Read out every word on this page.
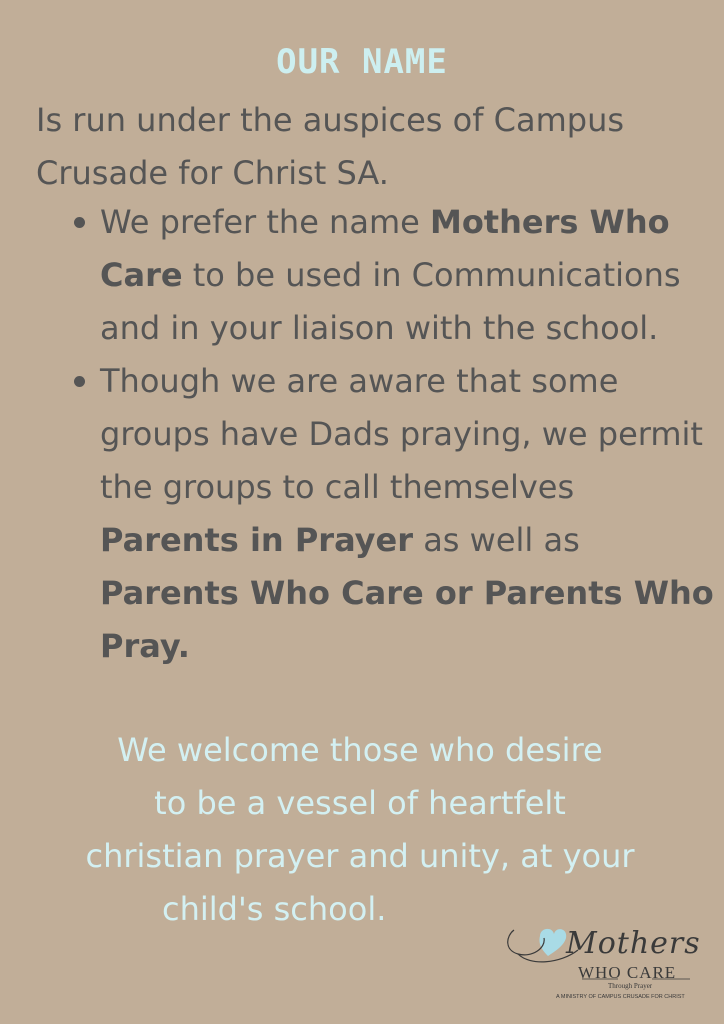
OUR NAME
Is run under the auspices of Campus Crusade for Christ SA.
We prefer the name Mothers Who Care to be used in Communications and in your liaison with the school.
Though we are aware that some groups have Dads praying, we permit the groups to call themselves Parents in Prayer as well as Parents Who Care or Parents Who Pray.
We welcome those who desire
to be a vessel of heartfelt
christian prayer and unity, at your
child's school.
Mothers
WHO CARE
Through Prayer
A MINISTRY OF CAMPUS CRUSADE FOR CHRIST
